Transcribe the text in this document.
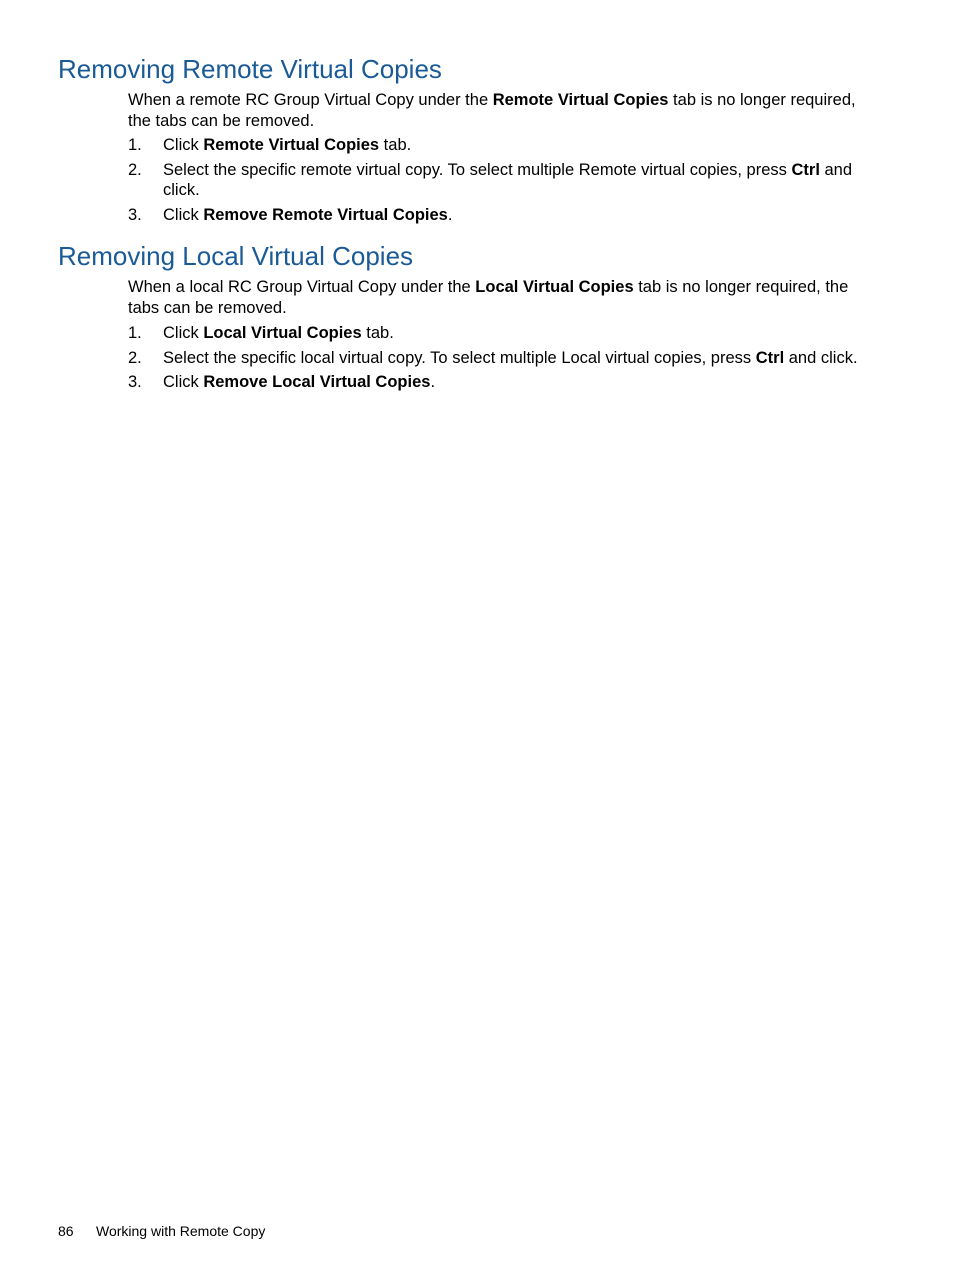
Removing Remote Virtual Copies

When a remote RC Group Virtual Copy under the Remote Virtual Copies tab is no longer required, the tabs can be removed.

1. Click Remote Virtual Copies tab.
2. Select the specific remote virtual copy. To select multiple Remote virtual copies, press Ctrl and click.
3. Click Remove Remote Virtual Copies.
Removing Local Virtual Copies

When a local RC Group Virtual Copy under the Local Virtual Copies tab is no longer required, the tabs can be removed.

1. Click Local Virtual Copies tab.
2. Select the specific local virtual copy. To select multiple Local virtual copies, press Ctrl and click.
3. Click Remove Local Virtual Copies.
86 Working with Remote Copy
